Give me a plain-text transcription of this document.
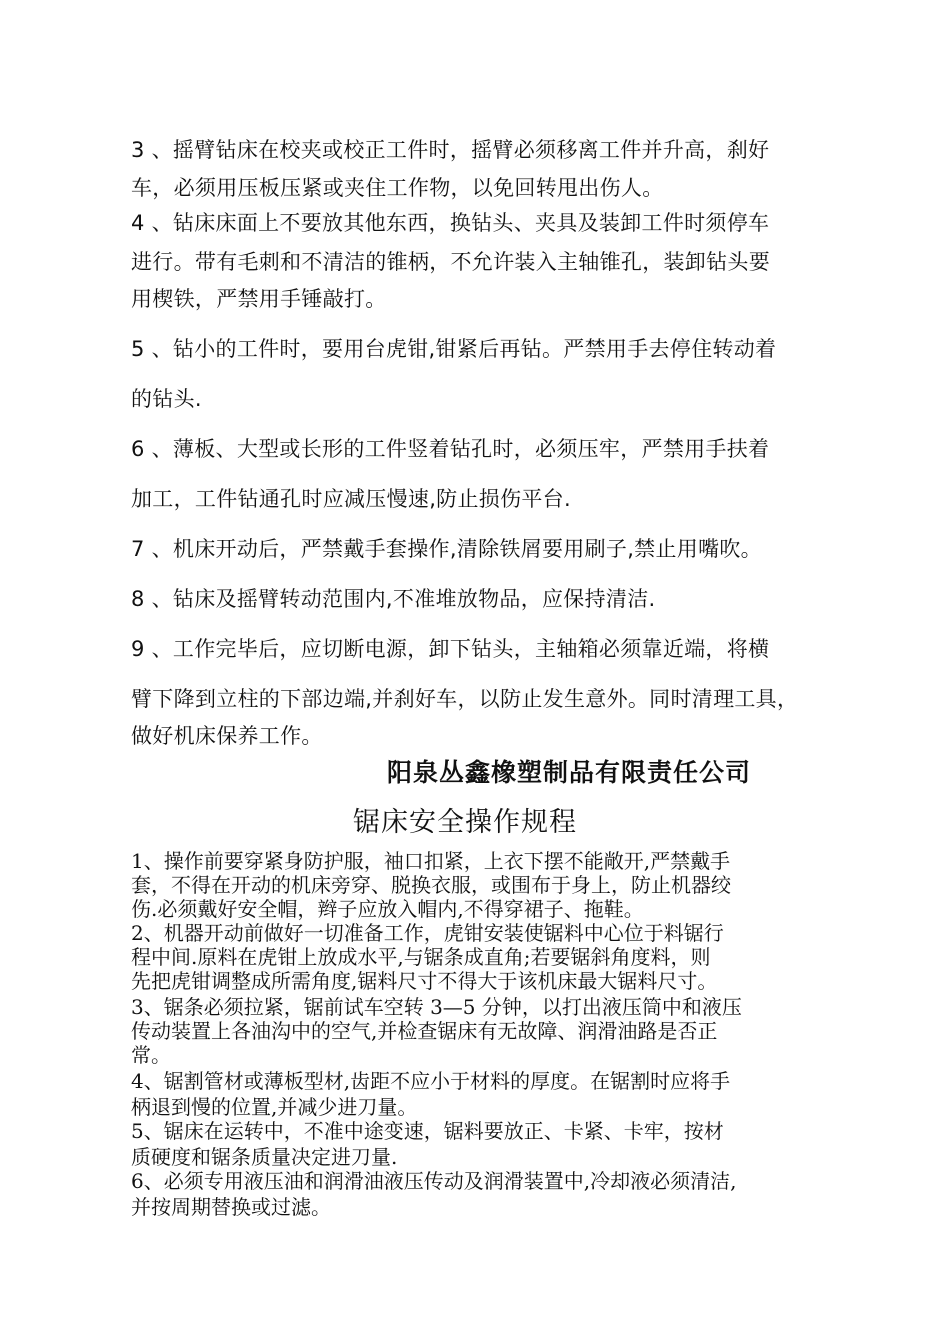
3 、摇臂钻床在校夹或校正工件时，摇臂必须移离工件并升高，刹好
车，必须用压板压紧或夹住工作物，以免回转甩出伤人。
4 、钻床床面上不要放其他东西，换钻头、夹具及装卸工件时须停车
进行。带有毛刺和不清洁的锥柄，不允许装入主轴锥孔，装卸钻头要
用楔铁，严禁用手锤敲打。
5 、钻小的工件时，要用台虎钳,钳紧后再钻。严禁用手去停住转动着
的钻头.
6 、薄板、大型或长形的工件竖着钻孔时，必须压牢，严禁用手扶着
加工，工件钻通孔时应减压慢速,防止损伤平台.
7 、机床开动后，严禁戴手套操作,清除铁屑要用刷子,禁止用嘴吹。
8 、钻床及摇臂转动范围内,不准堆放物品，应保持清洁.
9 、工作完毕后，应切断电源，卸下钻头，主轴箱必须靠近端，将横
臂下降到立柱的下部边端,并刹好车，以防止发生意外。同时清理工具，
做好机床保养工作。
阳泉丛鑫橡塑制品有限责任公司
锯床安全操作规程
1、操作前要穿紧身防护服，袖口扣紧，上衣下摆不能敞开,严禁戴手
套，不得在开动的机床旁穿、脱换衣服，或围布于身上，防止机器绞
伤.必须戴好安全帽，辫子应放入帽内,不得穿裙子、拖鞋。
2、机器开动前做好一切准备工作，虎钳安装使锯料中心位于料锯行
程中间.原料在虎钳上放成水平,与锯条成直角;若要锯斜角度料，则
先把虎钳调整成所需角度,锯料尺寸不得大于该机床最大锯料尺寸。
3、锯条必须拉紧，锯前试车空转 3—5 分钟，以打出液压筒中和液压
传动装置上各油沟中的空气,并检查锯床有无故障、润滑油路是否正
常。
4、锯割管材或薄板型材,齿距不应小于材料的厚度。在锯割时应将手
柄退到慢的位置,并减少进刀量。
5、锯床在运转中，不准中途变速，锯料要放正、卡紧、卡牢，按材
质硬度和锯条质量决定进刀量.
6、必须专用液压油和润滑油液压传动及润滑装置中,冷却液必须清洁,
并按周期替换或过滤。
